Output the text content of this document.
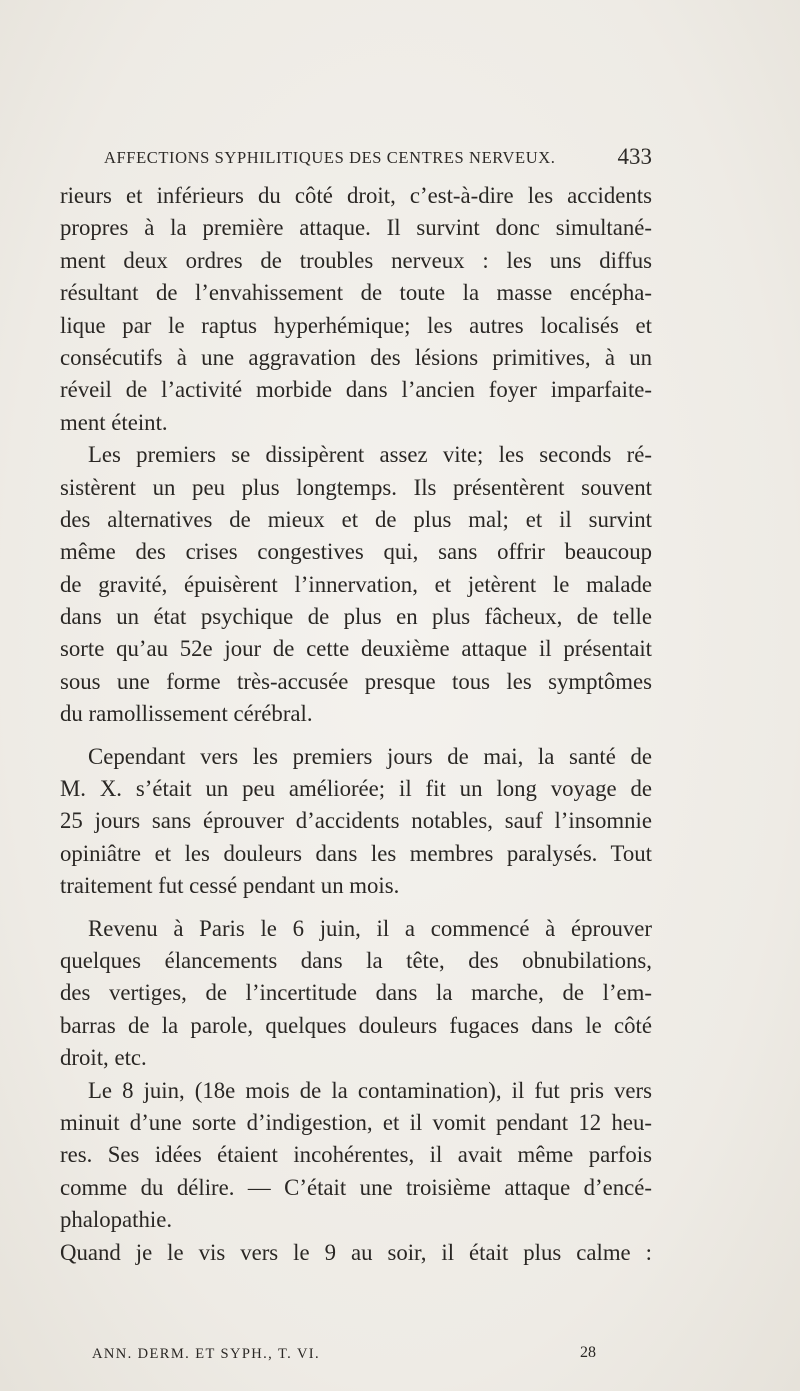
AFFECTIONS SYPHILITIQUES DES CENTRES NERVEUX.	433
rieurs et inférieurs du côté droit, c’est-à-dire les accidents
propres à la première attaque. Il survint donc simultané-
ment deux ordres de troubles nerveux : les uns diffus
résultant de l’envahissement de toute la masse encépha-
lique par le raptus hyperhémique; les autres localisés et
consécutifs à une aggravation des lésions primitives, à un
réveil de l’activité morbide dans l’ancien foyer imparfaite-
ment éteint.
Les premiers se dissipèrent assez vite; les seconds ré-
sistèrent un peu plus longtemps. Ils présentèrent souvent
des alternatives de mieux et de plus mal; et il survint
même des crises congestives qui, sans offrir beaucoup
de gravité, épuisèrent l’innervation, et jetèrent le malade
dans un état psychique de plus en plus fâcheux, de telle
sorte qu’au 52e jour de cette deuxième attaque il présentait
sous une forme très-accusée presque tous les symptômes
du ramollissement cérébral.
Cependant vers les premiers jours de mai, la santé de
M. X. s’était un peu améliorée; il fit un long voyage de
25 jours sans éprouver d’accidents notables, sauf l’insomnie
opiniâtre et les douleurs dans les membres paralysés. Tout
traitement fut cessé pendant un mois.
Revenu à Paris le 6 juin, il a commencé à éprouver
quelques élancements dans la tête, des obnubilations,
des vertiges, de l’incertitude dans la marche, de l’em-
barras de la parole, quelques douleurs fugaces dans le côté
droit, etc.
Le 8 juin, (18e mois de la contamination), il fut pris vers
minuit d’une sorte d’indigestion, et il vomit pendant 12 heu-
res. Ses idées étaient incohérentes, il avait même parfois
comme du délire. — C’était une troisième attaque d’encé-
phalopathie.
Quand je le vis vers le 9 au soir, il était plus calme :
ANN. DERM. ET SYPH., T. VI.	28
